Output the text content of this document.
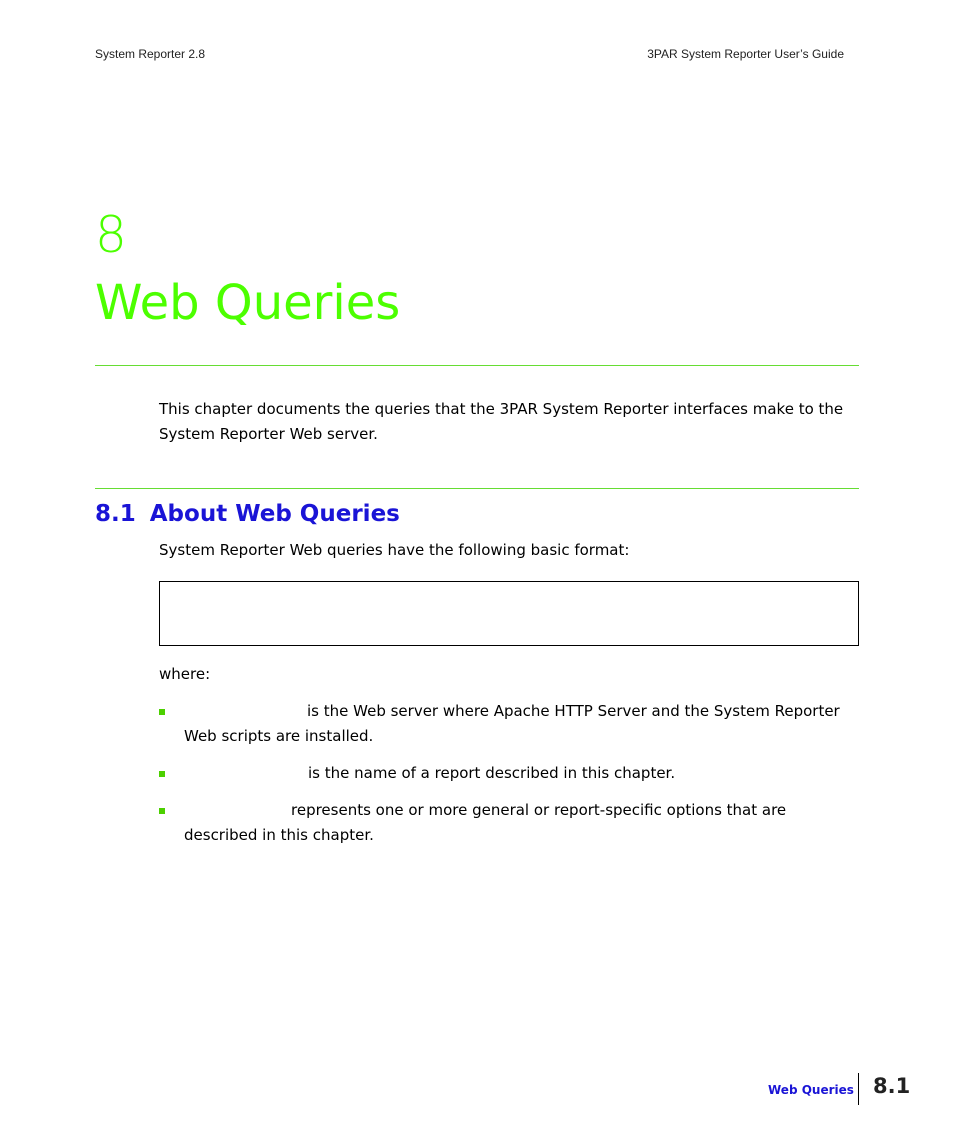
System Reporter 2.8	3PAR System Reporter User’s Guide
8
Web Queries
This chapter documents the queries that the 3PAR System Reporter interfaces make to the System Reporter Web server.
8.1 About Web Queries
System Reporter Web queries have the following basic format:
where:
is the Web server where Apache HTTP Server and the System Reporter Web scripts are installed.
is the name of a report described in this chapter.
represents one or more general or report-specific options that are described in this chapter.
Web Queries 8.1
